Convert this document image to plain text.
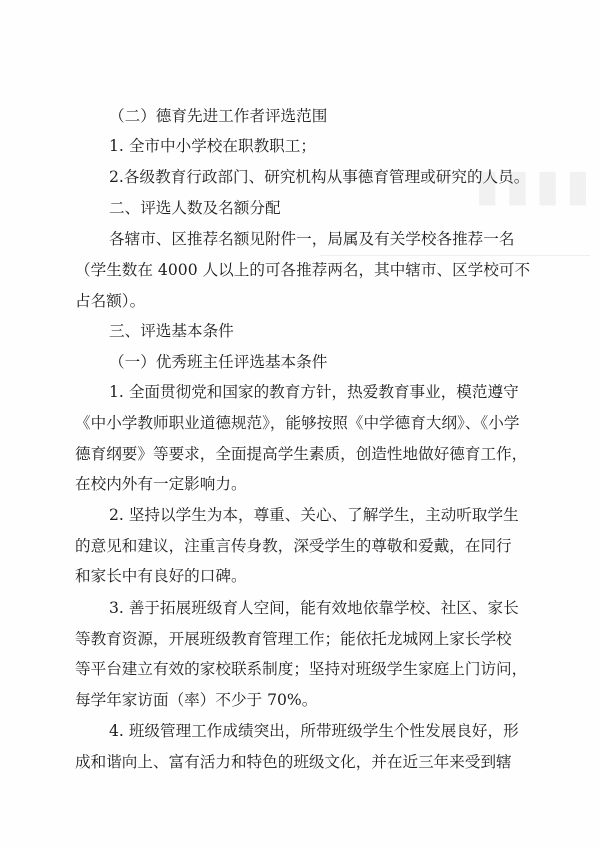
▮▮▮▮
（二）德育先进工作者评选范围
1. 全市中小学校在职教职工；
2.各级教育行政部门、研究机构从事德育管理或研究的人员。
二、评选人数及名额分配
各辖市、区推荐名额见附件一，局属及有关学校各推荐一名
（学生数在 4000 人以上的可各推荐两名，其中辖市、区学校可不
占名额）。
三、评选基本条件
（一）优秀班主任评选基本条件
1. 全面贯彻党和国家的教育方针，热爱教育事业，模范遵守
《中小学教师职业道德规范》，能够按照《中学德育大纲》、《小学
德育纲要》等要求，全面提高学生素质，创造性地做好德育工作，
在校内外有一定影响力。
2. 坚持以学生为本，尊重、关心、了解学生，主动听取学生
的意见和建议，注重言传身教，深受学生的尊敬和爱戴，在同行
和家长中有良好的口碑。
3. 善于拓展班级育人空间，能有效地依靠学校、社区、家长
等教育资源，开展班级教育管理工作；能依托龙城网上家长学校
等平台建立有效的家校联系制度；坚持对班级学生家庭上门访问，
每学年家访面（率）不少于 70%。
4. 班级管理工作成绩突出，所带班级学生个性发展良好，形
成和谐向上、富有活力和特色的班级文化，并在近三年来受到辖
